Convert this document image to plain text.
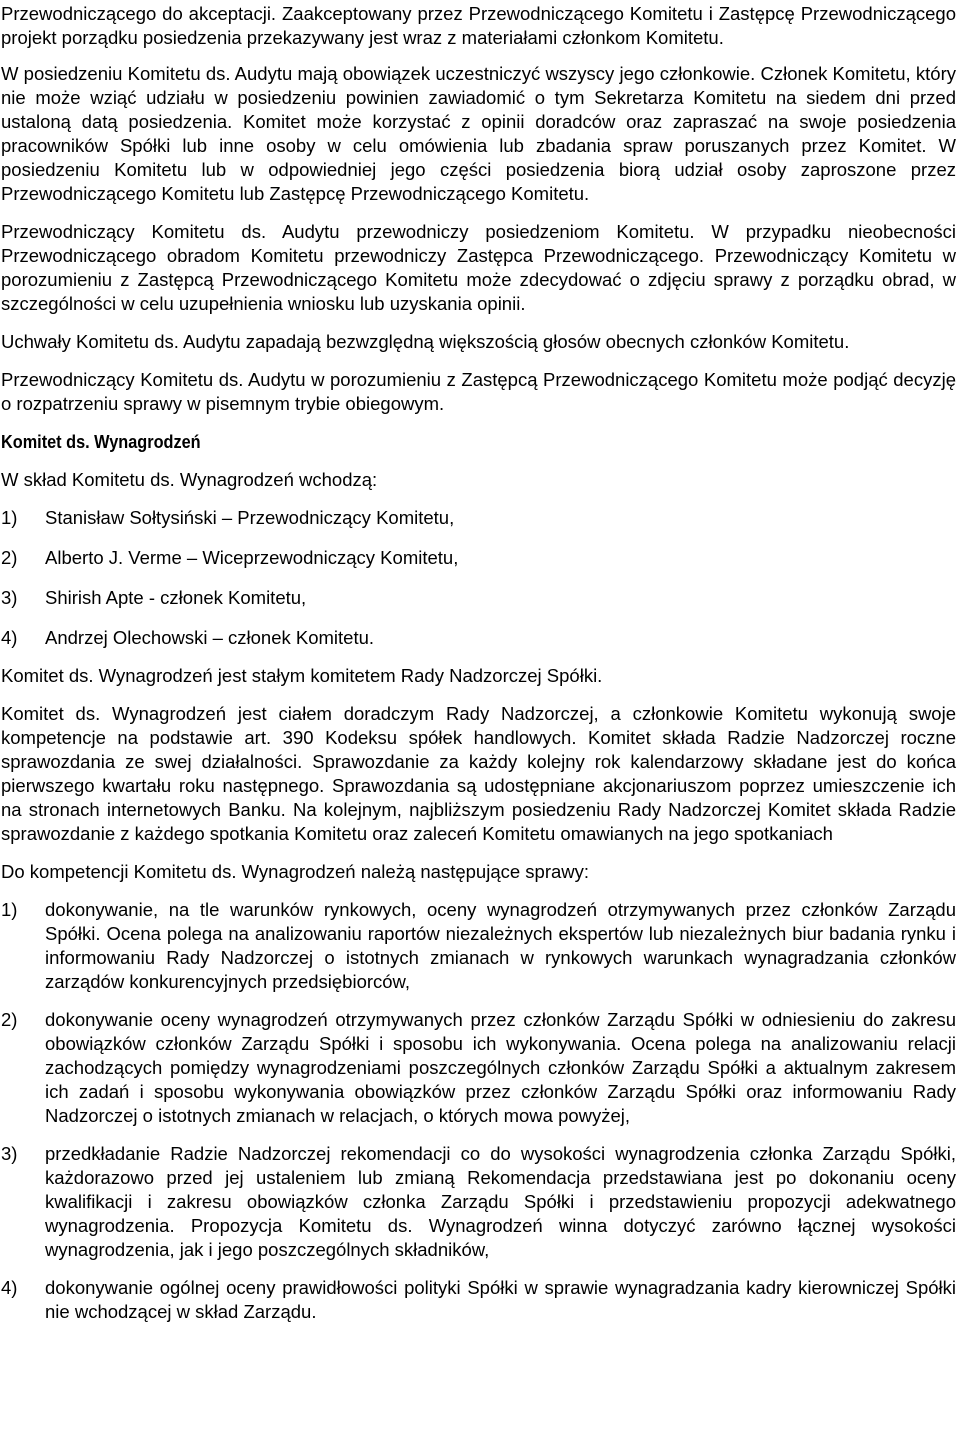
Przewodniczącego do akceptacji. Zaakceptowany przez Przewodniczącego Komitetu i Zastępcę Przewodniczącego projekt porządku posiedzenia przekazywany jest wraz z materiałami członkom Komitetu.

W posiedzeniu Komitetu ds. Audytu mają obowiązek uczestniczyć wszyscy jego członkowie. Członek Komitetu, który nie może wziąć udziału w posiedzeniu powinien zawiadomić o tym Sekretarza Komitetu na siedem dni przed ustaloną datą posiedzenia. Komitet może korzystać z opinii doradców oraz zapraszać na swoje posiedzenia pracowników Spółki lub inne osoby w celu omówienia lub zbadania spraw poruszanych przez Komitet. W posiedzeniu Komitetu lub w odpowiedniej jego części posiedzenia biorą udział osoby zaproszone przez Przewodniczącego Komitetu lub Zastępcę Przewodniczącego Komitetu.

Przewodniczący Komitetu ds. Audytu przewodniczy posiedzeniom Komitetu. W przypadku nieobecności Przewodniczącego obradom Komitetu przewodniczy Zastępca Przewodniczącego. Przewodniczący Komitetu w porozumieniu z Zastępcą Przewodniczącego Komitetu może zdecydować o zdjęciu sprawy z porządku obrad, w szczególności w celu uzupełnienia wniosku lub uzyskania opinii.

Uchwały Komitetu ds. Audytu zapadają bezwzględną większością głosów obecnych członków Komitetu.

Przewodniczący Komitetu ds. Audytu w porozumieniu z Zastępcą Przewodniczącego Komitetu może podjąć decyzję o rozpatrzeniu sprawy w pisemnym trybie obiegowym.

Komitet ds. Wynagrodzeń

W skład Komitetu ds. Wynagrodzeń wchodzą:

1) Stanisław Sołtysiński – Przewodniczący Komitetu,

2) Alberto J. Verme – Wiceprzewodniczący Komitetu,

3) Shirish Apte - członek Komitetu,

4) Andrzej Olechowski – członek Komitetu.

Komitet ds. Wynagrodzeń jest stałym komitetem Rady Nadzorczej Spółki.

Komitet ds. Wynagrodzeń jest ciałem doradczym Rady Nadzorczej, a członkowie Komitetu wykonują swoje kompetencje na podstawie art. 390 Kodeksu spółek handlowych. Komitet składa Radzie Nadzorczej roczne sprawozdania ze swej działalności. Sprawozdanie za każdy kolejny rok kalendarzowy składane jest do końca pierwszego kwartału roku następnego. Sprawozdania są udostępniane akcjonariuszom poprzez umieszczenie ich na stronach internetowych Banku. Na kolejnym, najbliższym posiedzeniu Rady Nadzorczej Komitet składa Radzie sprawozdanie z każdego spotkania Komitetu oraz zaleceń Komitetu omawianych na jego spotkaniach

Do kompetencji Komitetu ds. Wynagrodzeń należą następujące sprawy:

1) dokonywanie, na tle warunków rynkowych, oceny wynagrodzeń otrzymywanych przez członków Zarządu Spółki. Ocena polega na analizowaniu raportów niezależnych ekspertów lub niezależnych biur badania rynku i informowaniu Rady Nadzorczej o istotnych zmianach w rynkowych warunkach wynagradzania członków zarządów konkurencyjnych przedsiębiorców,

2) dokonywanie oceny wynagrodzeń otrzymywanych przez członków Zarządu Spółki w odniesieniu do zakresu obowiązków członków Zarządu Spółki i sposobu ich wykonywania. Ocena polega na analizowaniu relacji zachodzących pomiędzy wynagrodzeniami poszczególnych członków Zarządu Spółki a aktualnym zakresem ich zadań i sposobu wykonywania obowiązków przez członków Zarządu Spółki oraz informowaniu Rady Nadzorczej o istotnych zmianach w relacjach, o których mowa powyżej,

3) przedkładanie Radzie Nadzorczej rekomendacji co do wysokości wynagrodzenia członka Zarządu Spółki, każdorazowo przed jej ustaleniem lub zmianą Rekomendacja przedstawiana jest po dokonaniu oceny kwalifikacji i zakresu obowiązków członka Zarządu Spółki i przedstawieniu propozycji adekwatnego wynagrodzenia. Propozycja Komitetu ds. Wynagrodzeń winna dotyczyć zarówno łącznej wysokości wynagrodzenia, jak i jego poszczególnych składników,

4) dokonywanie ogólnej oceny prawidłowości polityki Spółki w sprawie wynagradzania kadry kierowniczej Spółki nie wchodzącej w skład Zarządu.
